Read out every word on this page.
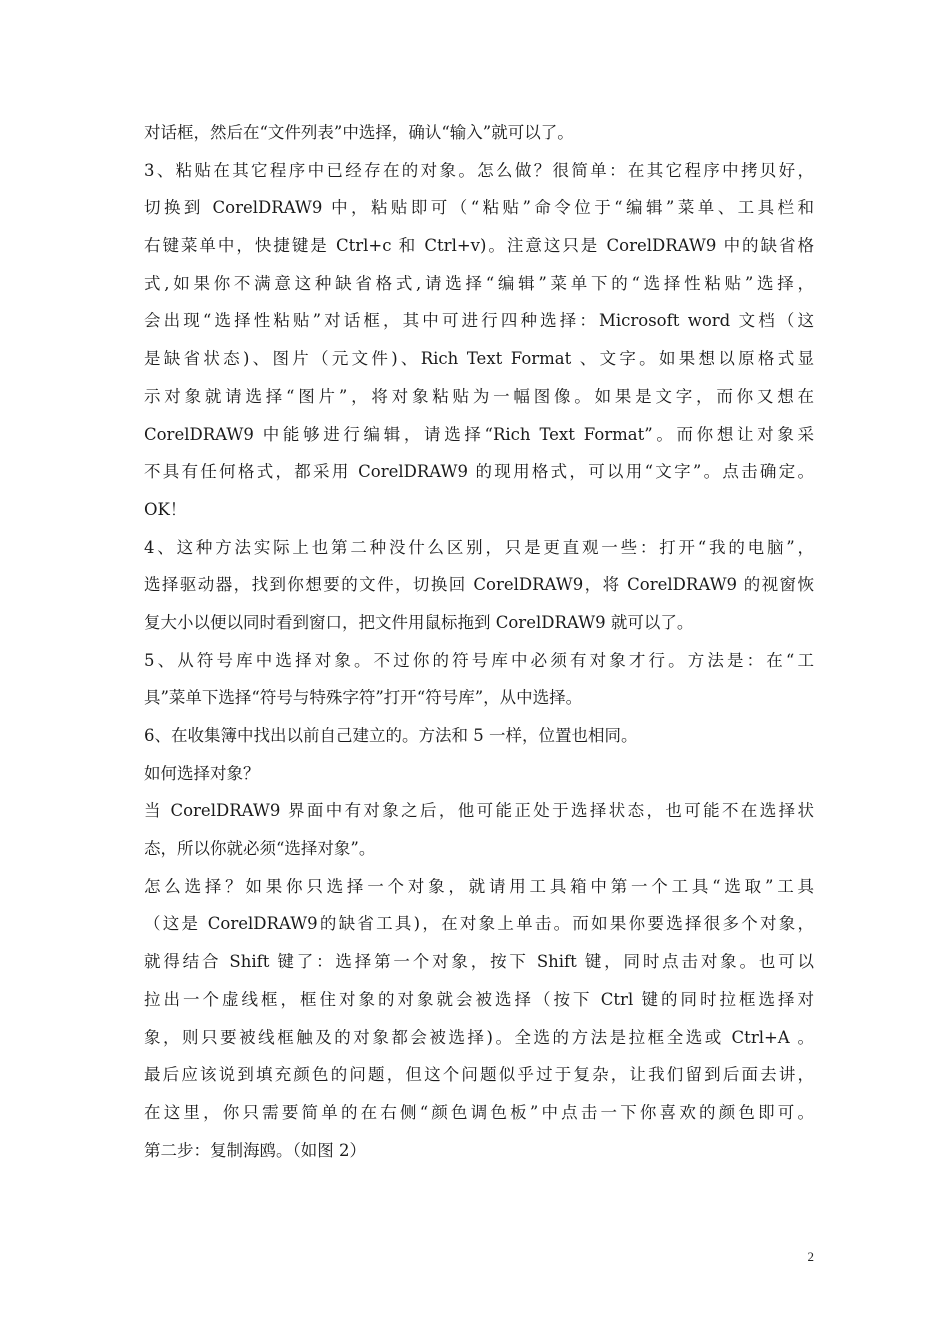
对话框，然后在“文件列表”中选择，确认“输入”就可以了。
3、粘贴在其它程序中已经存在的对象。怎么做？很简单：在其它程序中拷贝好，
切换到 CorelDRAW9 中，粘贴即可（“粘贴”命令位于“编辑”菜单、工具栏和
右键菜单中，快捷键是 Ctrl+c 和 Ctrl+v)。注意这只是 CorelDRAW9 中的缺省格
式,如果你不满意这种缺省格式,请选择“编辑”菜单下的“选择性粘贴”选择，
会出现“选择性粘贴”对话框，其中可进行四种选择：Microsoft word 文档（这
是缺省状态)、图片（元文件)、Rich Text Format 、文字。如果想以原格式显
示对象就请选择“图片”，将对象粘贴为一幅图像。如果是文字，而你又想在
CorelDRAW9 中能够进行编辑，请选择“Rich Text Format”。而你想让对象采
不具有任何格式，都采用 CorelDRAW9 的现用格式，可以用“文字”。点击确定。
OK！
4、这种方法实际上也第二种没什么区别，只是更直观一些：打开“我的电脑”，
选择驱动器，找到你想要的文件，切换回 CorelDRAW9，将 CorelDRAW9 的视窗恢
复大小以便以同时看到窗口，把文件用鼠标拖到 CorelDRAW9 就可以了。
5、从符号库中选择对象。不过你的符号库中必须有对象才行。方法是：在“工
具”菜单下选择“符号与特殊字符”打开“符号库”，从中选择。
6、在收集簿中找出以前自己建立的。方法和 5 一样，位置也相同。
如何选择对象？
当 CorelDRAW9 界面中有对象之后，他可能正处于选择状态，也可能不在选择状
态，所以你就必须“选择对象”。
怎么选择？如果你只选择一个对象，就请用工具箱中第一个工具“选取”工具
（这是 CorelDRAW9的缺省工具)，在对象上单击。而如果你要选择很多个对象，
就得结合 Shift 键了：选择第一个对象，按下 Shift 键，同时点击对象。也可以
拉出一个虚线框，框住对象的对象就会被选择（按下 Ctrl 键的同时拉框选择对
象，则只要被线框触及的对象都会被选择)。全选的方法是拉框全选或 Ctrl+A 。
最后应该说到填充颜色的问题，但这个问题似乎过于复杂，让我们留到后面去讲，
在这里，你只需要简单的在右侧“颜色调色板”中点击一下你喜欢的颜色即可。
第二步：复制海鸥。（如图 2）
2
